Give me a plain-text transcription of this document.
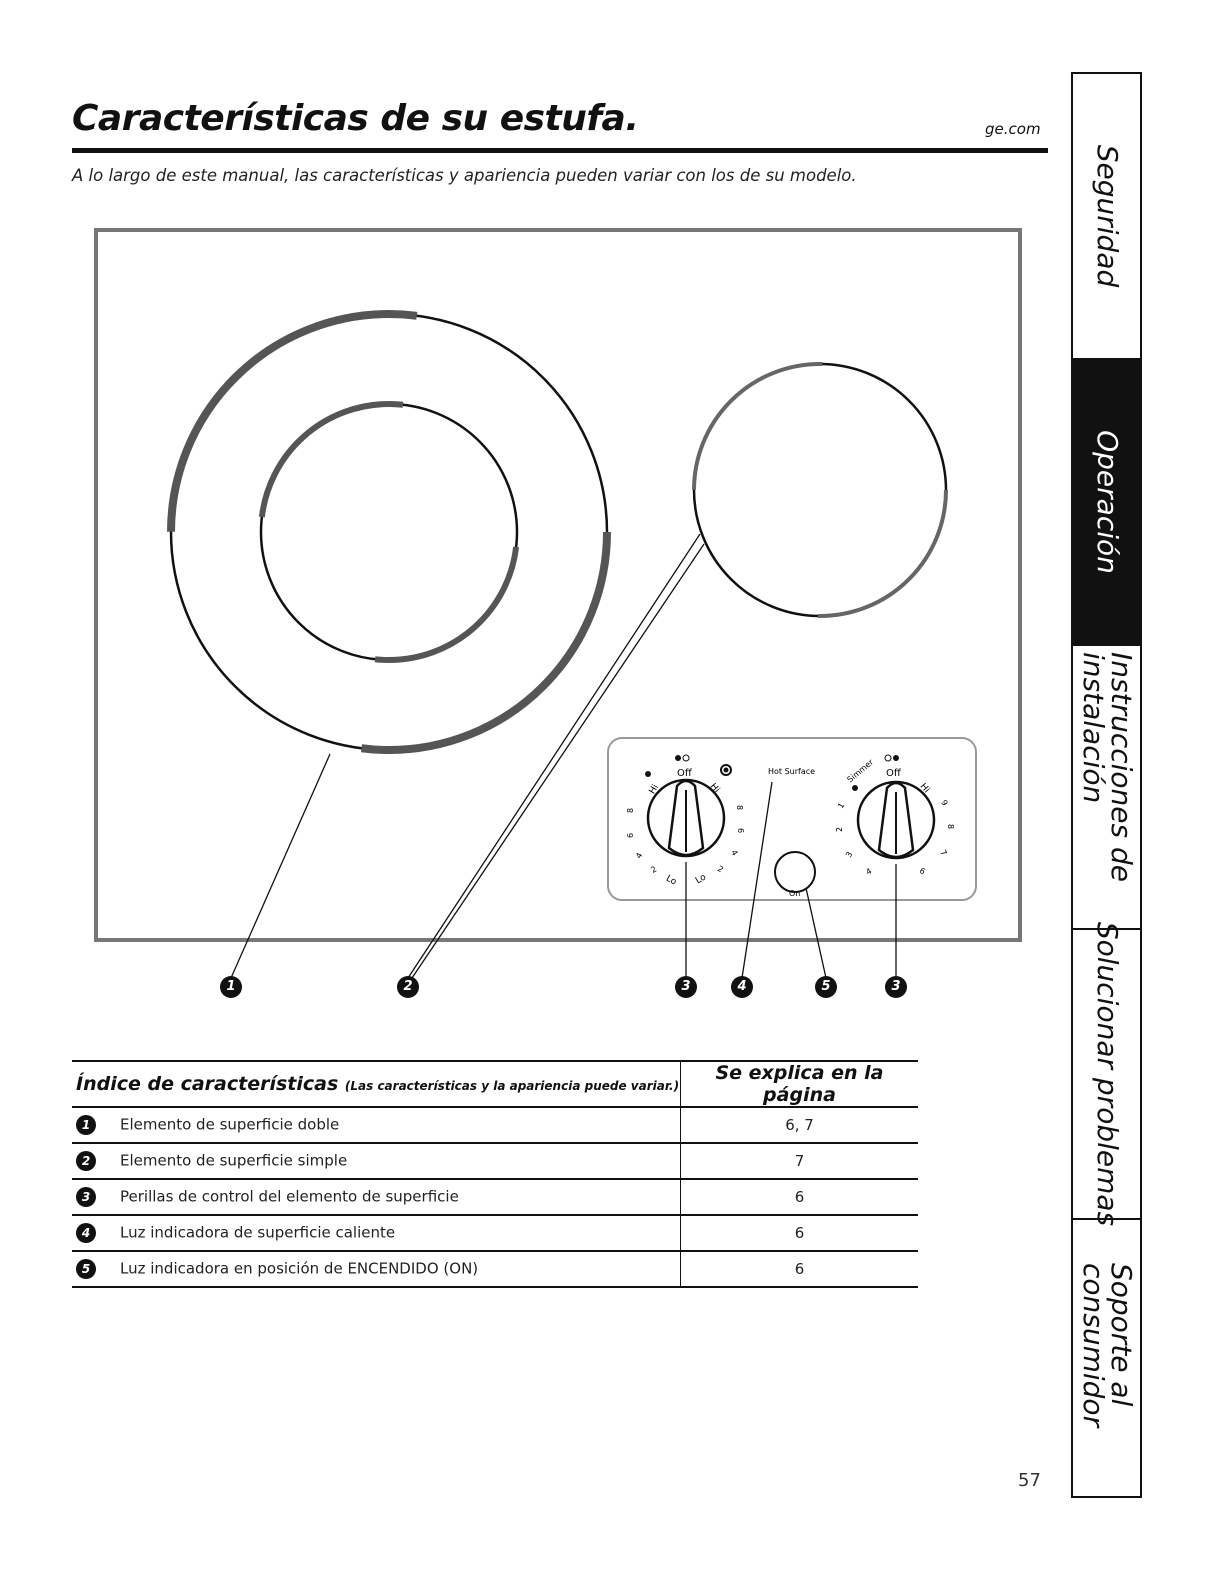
Características de su estufa.	ge.com
A lo largo de este manual, las características y apariencia pueden variar con los de su modelo.
Off	Off
Hot Surface
On
Hi	Hi	Hi
Lo Lo
Simmer
8
6
4
2
8
6
4
2
1
2
3
4
9
8
7
6
1	2	3	4	5	3
Índice de características (Las características y la apariencia puede variar.)	Se explica en la página
1 Elemento de superficie doble	6, 7
2 Elemento de superficie simple	7
3 Perillas de control del elemento de superficie	6
4 Luz indicadora de superficie caliente	6
5 Luz indicadora en posición de ENCENDIDO (ON)	6
Seguridad
Operación
Instrucciones de instalación
Solucionar problemas
Soporte al consumidor
57
